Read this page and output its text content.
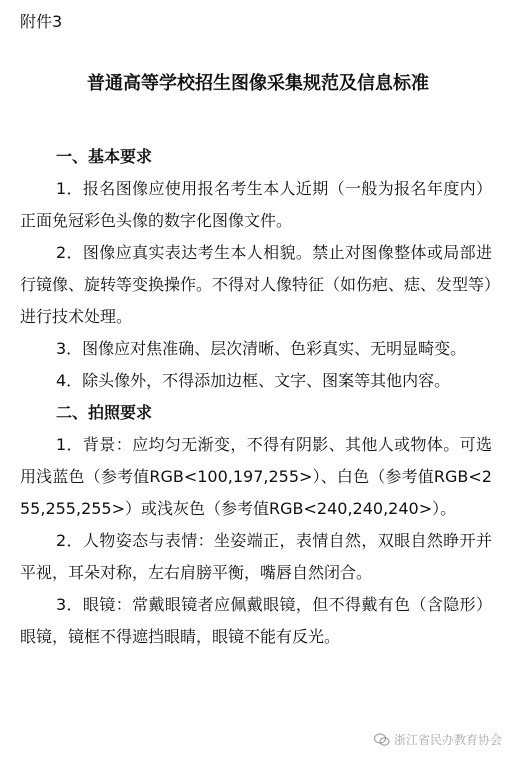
附件3

普通高等学校招生图像采集规范及信息标准
一、基本要求

1．报名图像应使用报名考生本人近期（一般为报名年度内）正面免冠彩色头像的数字化图像文件。

2．图像应真实表达考生本人相貌。禁止对图像整体或局部进行镜像、旋转等变换操作。不得对人像特征（如伤疤、痣、发型等）进行技术处理。

3．图像应对焦准确、层次清晰、色彩真实、无明显畸变。

4．除头像外，不得添加边框、文字、图案等其他内容。

二、拍照要求

1．背景：应均匀无渐变，不得有阴影、其他人或物体。可选用浅蓝色（参考值RGB<100,197,255>）、白色（参考值RGB<255,255,255>）或浅灰色（参考值RGB<240,240,240>）。

2．人物姿态与表情：坐姿端正，表情自然，双眼自然睁开并平视，耳朵对称，左右肩膀平衡，嘴唇自然闭合。

3．眼镜：常戴眼镜者应佩戴眼镜，但不得戴有色（含隐形）眼镜，镜框不得遮挡眼睛，眼镜不能有反光。

浙江省民办教育协会
